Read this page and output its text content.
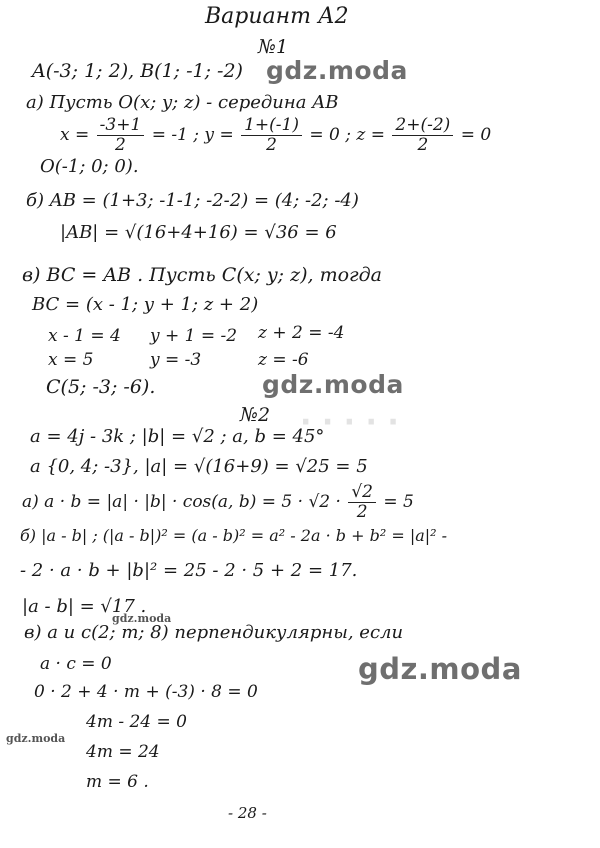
· · · · ·
Вариант А2
№1
A(-3; 1; 2), B(1; -1; -2)
а) Пусть O(x; y; z) - середина AB
$x = \frac{-3+1}{2} = -1$ ; $y = \frac{1+(-1)}{2} = 0$ ; $z = \frac{2+(-2)}{2} = 0$
O(-1; 0; 0).
б) AB = (1+3; -1-1; -2-2) = (4; -2; -4)
|AB| = √(16+4+16) = √36 = 6
в) BC = AB . Пусть C(x; y; z), тогда
BC = (x - 1; y + 1; z + 2)
x - 1 = 4 y + 1 = -2 z + 2 = -4
x = 5	y = -3	z = -6
C(5; -3; -6).
№2
a = 4j - 3k ; |b| = √2 ; a, b = 45°
a {0, 4; -3}, |a| = √(16+9) = √25 = 5
а) a · b = |a| · |b| · cos(a, $b) = 5 \cdot √2 \cdot \frac{√2}{2} = 5$
б) |a - b| ; (|a - b|)² = (a - b)² = a² - 2a · b + b² = |a|² -
- 2 · a · b + |b|² = 25 - 2 · 5 + 2 = 17.
|a - b| = √17 .
в) a и c(2; m; 8) перпендикулярны, если
a · c = 0
0 · 2 + 4 · m + (-3) · 8 = 0
4m - 24 = 0
4m = 24
m = 6 .
- 28 -
gdz.moda
gdz.moda
gdz.moda
gdz.moda
gdz.moda
